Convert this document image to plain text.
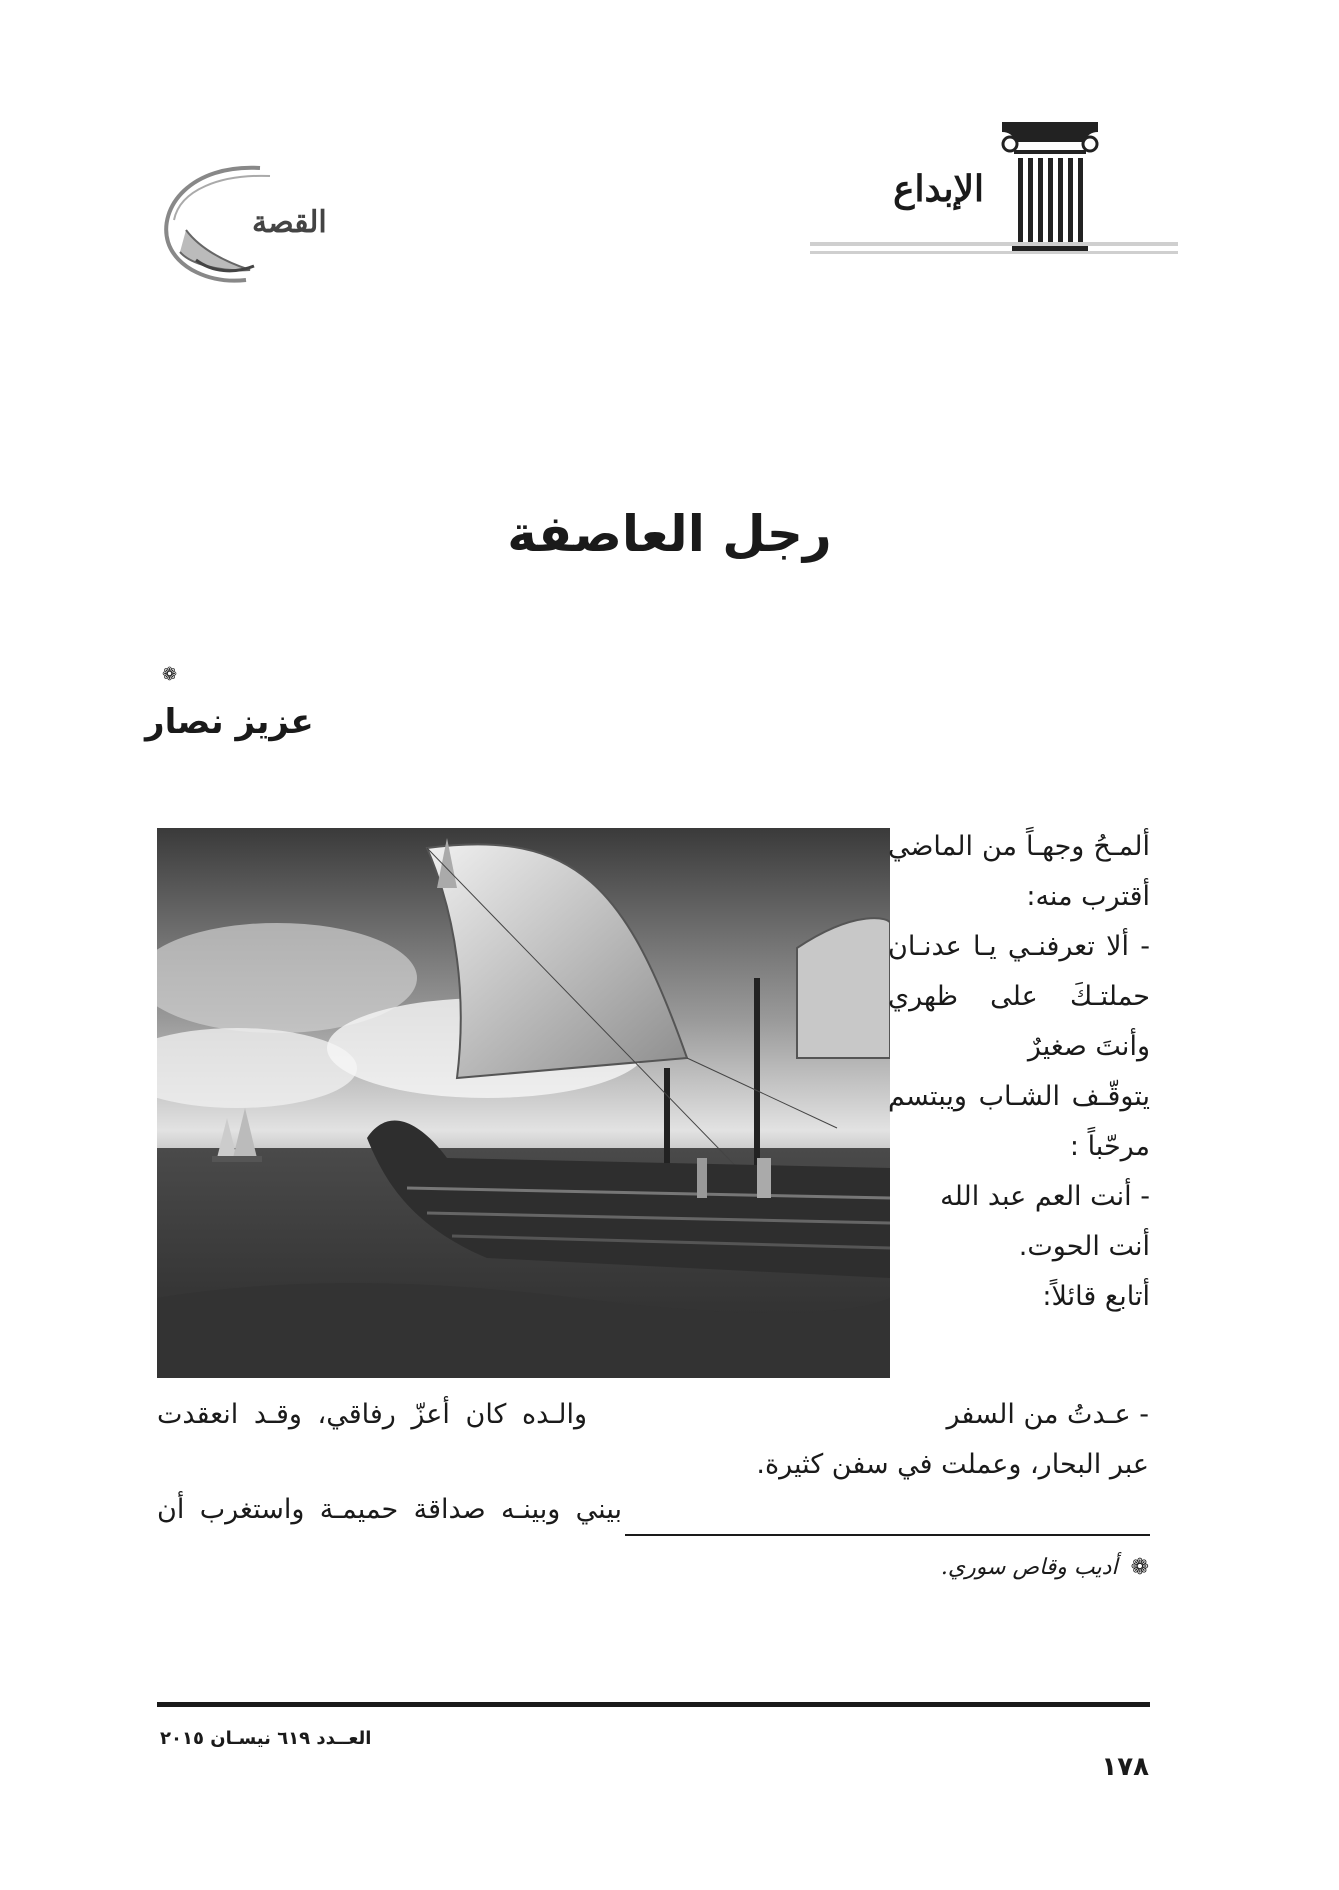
الإبداع
القصة
رجل العاصفة
❁
عزيز نصار

ألمـحُ وجهـاً من الماضي أقترب منه:

- ألا تعرفنـي يـا عدنـان حملتـكَ على ظهري وأنتَ صغيرٌ

يتوقّـف الشـاب ويبتسم مرحّباً :

- أنت العم عبد الله

أنت الحوت.

أتابع قائلاً:

- عـدتُ من السفر
عبر البحار، وعملت في سفن كثيرة.
والـده كان أعزّ رفاقي، وقـد انعقدت
بيني وبينـه صداقة حميمـة واستغرب أن
❁ أديب وقاص سوري.
العــدد ٦١٩ نيسـان ٢٠١٥
١٧٨
